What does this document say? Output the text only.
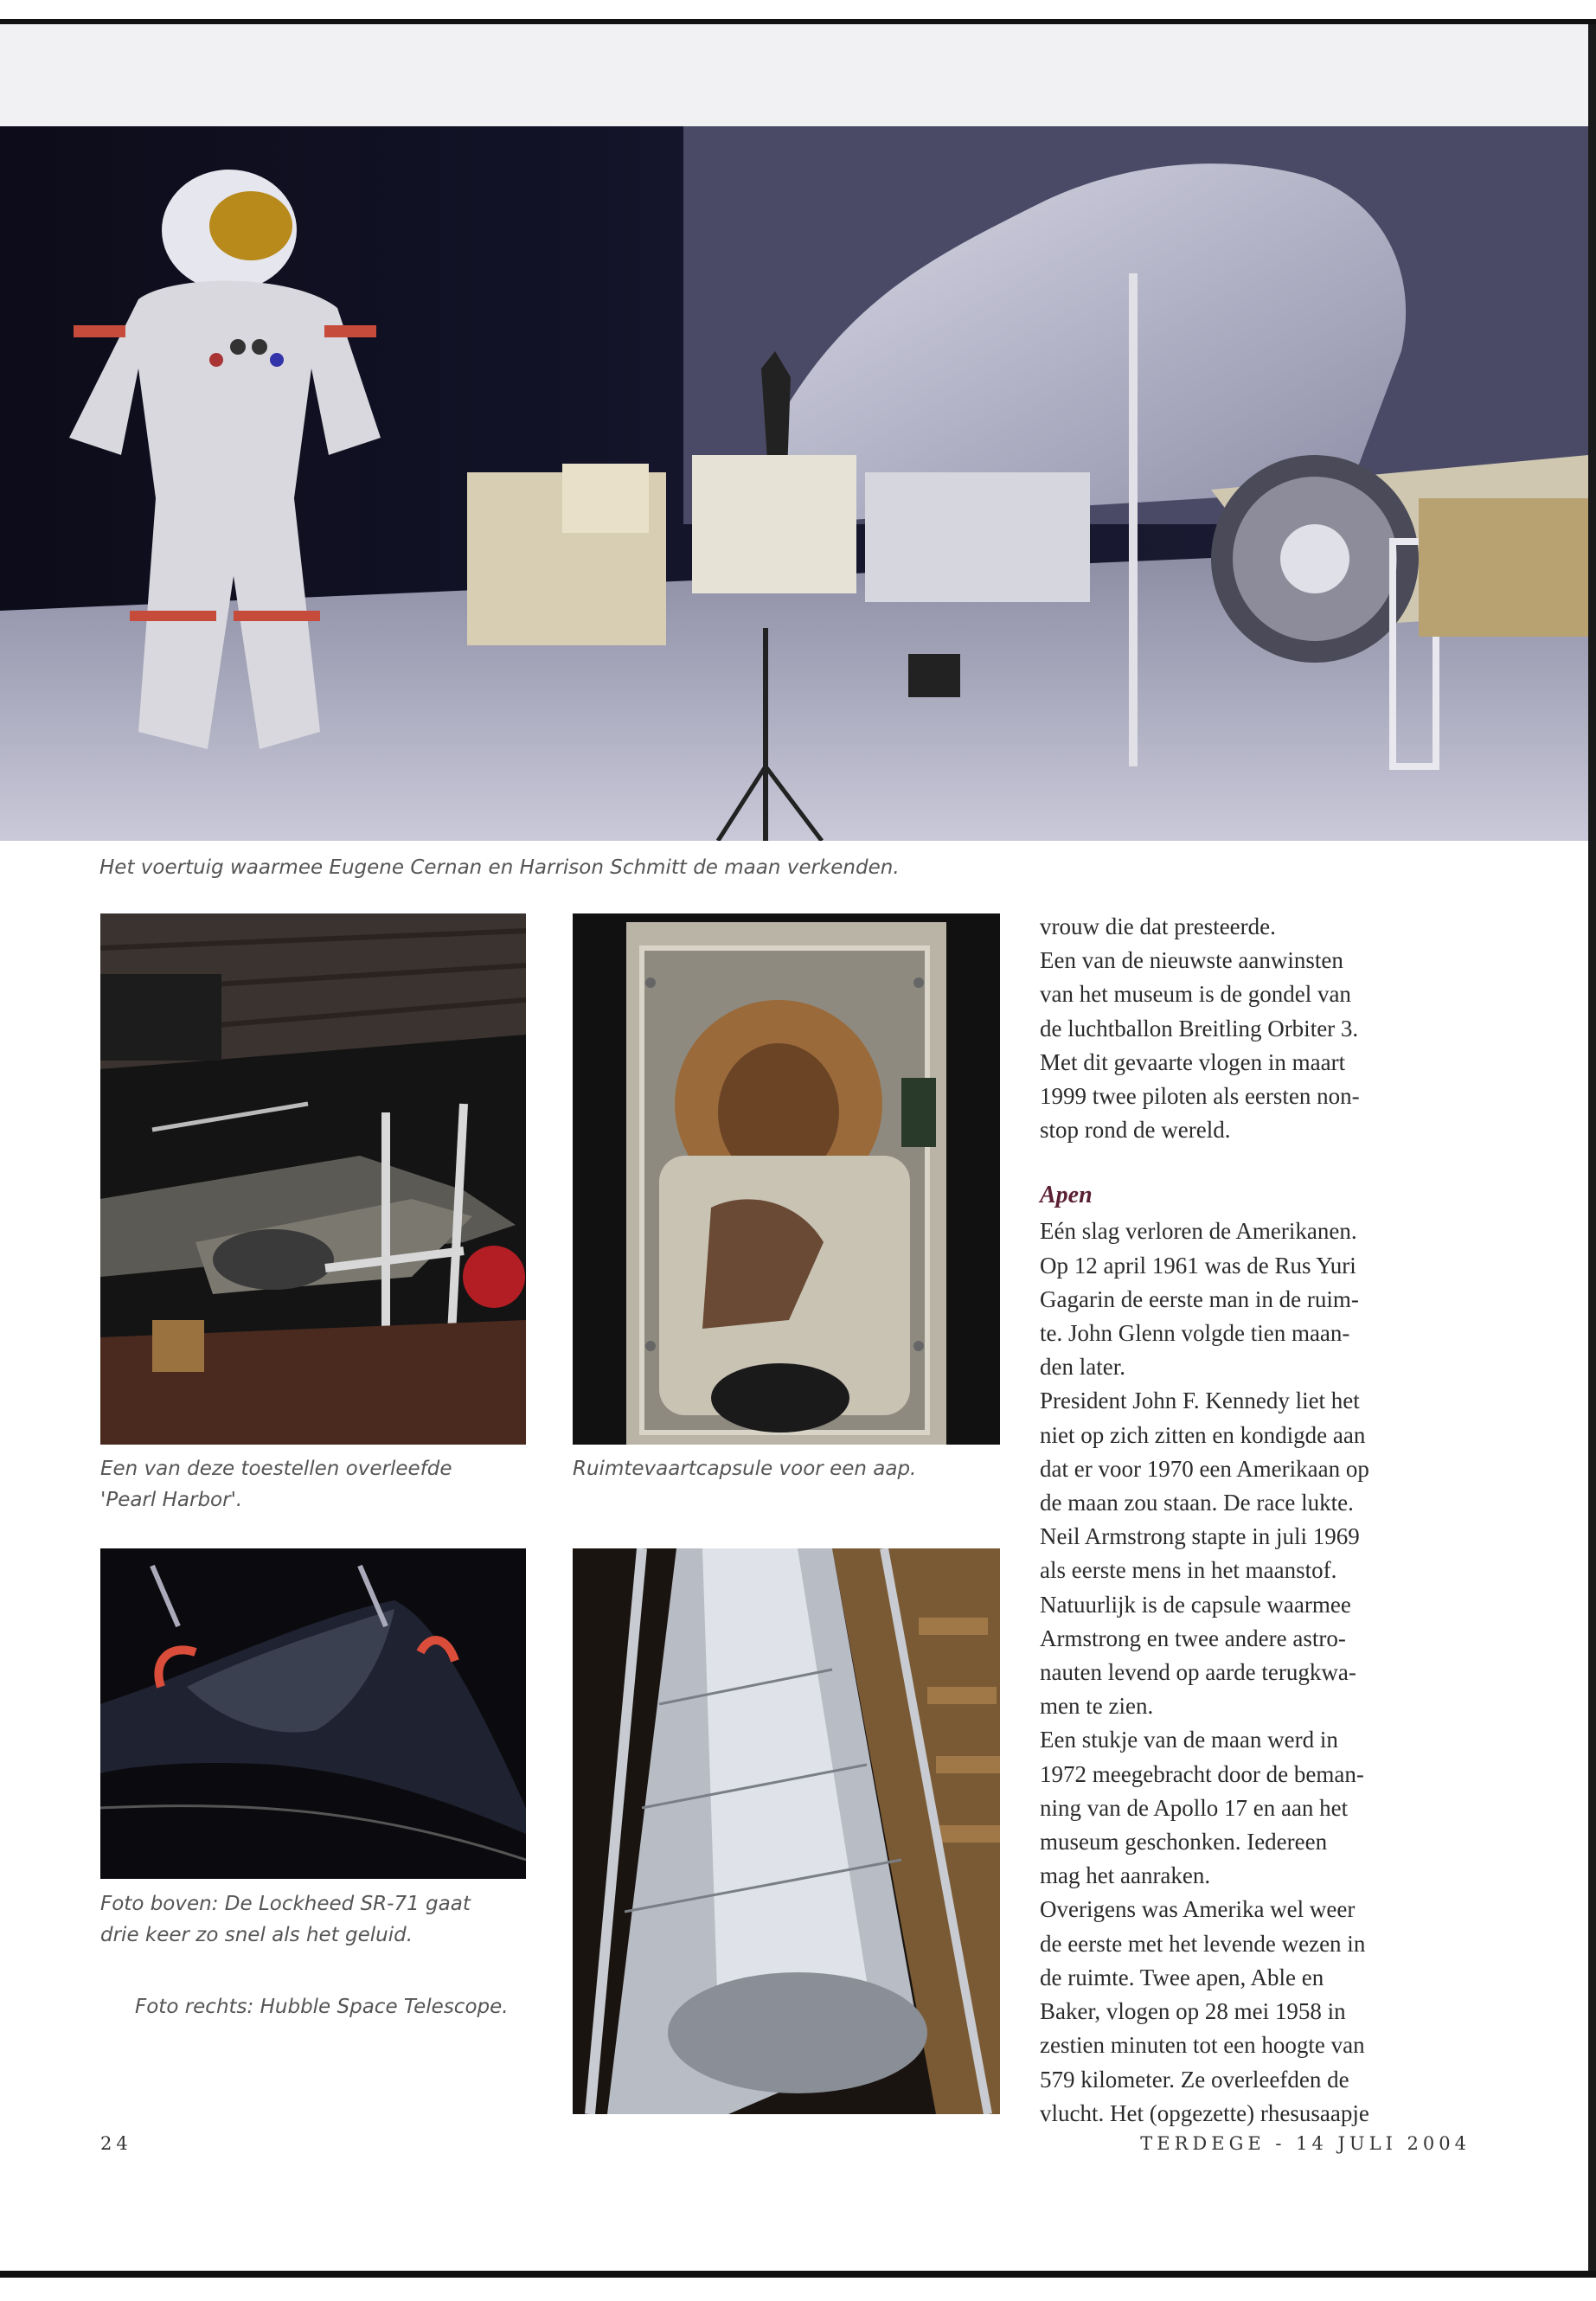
Het voertuig waarmee Eugene Cernan en Harrison Schmitt de maan verkenden.

Een van deze toestellen overleefde
'Pearl Harbor'.

Ruimtevaartcapsule voor een aap.

Foto boven: De Lockheed SR-71 gaat
drie keer zo snel als het geluid.

Foto rechts: Hubble Space Telescope.

vrouw die dat presteerde.

Een van de nieuwste aanwinsten
van het museum is de gondel van
de luchtballon Breitling Orbiter 3.
Met dit gevaarte vlogen in maart
1999 twee piloten als eersten non-
stop rond de wereld.

Apen

Eén slag verloren de Amerikanen.
Op 12 april 1961 was de Rus Yuri
Gagarin de eerste man in de ruim-
te. John Glenn volgde tien maan-
den later.

President John F. Kennedy liet het
niet op zich zitten en kondigde aan
dat er voor 1970 een Amerikaan op
de maan zou staan. De race lukte.
Neil Armstrong stapte in juli 1969
als eerste mens in het maanstof.
Natuurlijk is de capsule waarmee
Armstrong en twee andere astro-
nauten levend op aarde terugkwa-
men te zien.

Een stukje van de maan werd in
1972 meegebracht door de beman-
ning van de Apollo 17 en aan het
museum geschonken. Iedereen
mag het aanraken.

Overigens was Amerika wel weer
de eerste met het levende wezen in
de ruimte. Twee apen, Able en
Baker, vlogen op 28 mei 1958 in
zestien minuten tot een hoogte van
579 kilometer. Ze overleefden de
vlucht. Het (opgezette) rhesusaapje

24	TERDEGE - 14 JULI 2004
